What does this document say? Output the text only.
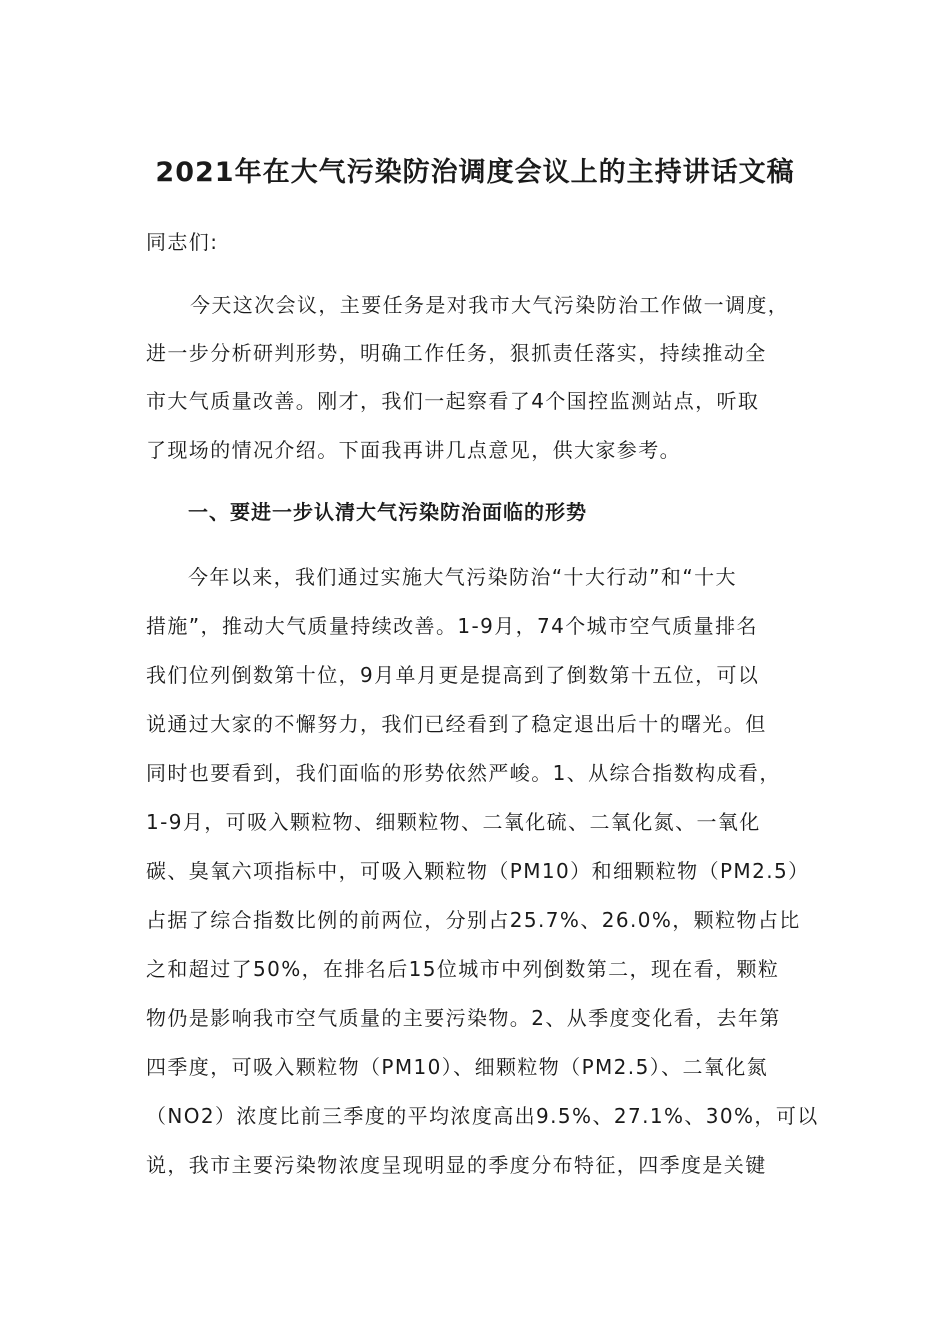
2021年在大气污染防治调度会议上的主持讲话文稿
同志们:
今天这次会议，主要任务是对我市大气污染防治工作做一调度，
进一步分析研判形势，明确工作任务，狠抓责任落实，持续推动全
市大气质量改善。刚才，我们一起察看了4个国控监测站点，听取
了现场的情况介绍。下面我再讲几点意见，供大家参考。
一、要进一步认清大气污染防治面临的形势
今年以来，我们通过实施大气污染防治“十大行动”和“十大
措施”，推动大气质量持续改善。1-9月，74个城市空气质量排名
我们位列倒数第十位，9月单月更是提高到了倒数第十五位，可以
说通过大家的不懈努力，我们已经看到了稳定退出后十的曙光。但
同时也要看到，我们面临的形势依然严峻。1、从综合指数构成看，
1-9月，可吸入颗粒物、细颗粒物、二氧化硫、二氧化氮、一氧化
碳、臭氧六项指标中，可吸入颗粒物（PM10）和细颗粒物（PM2.5）
占据了综合指数比例的前两位，分别占25.7%、26.0%，颗粒物占比
之和超过了50%，在排名后15位城市中列倒数第二，现在看，颗粒
物仍是影响我市空气质量的主要污染物。2、从季度变化看，去年第
四季度，可吸入颗粒物（PM10）、细颗粒物（PM2.5）、二氧化氮
（NO2）浓度比前三季度的平均浓度高出9.5%、27.1%、30%，可以
说，我市主要污染物浓度呈现明显的季度分布特征，四季度是关键
